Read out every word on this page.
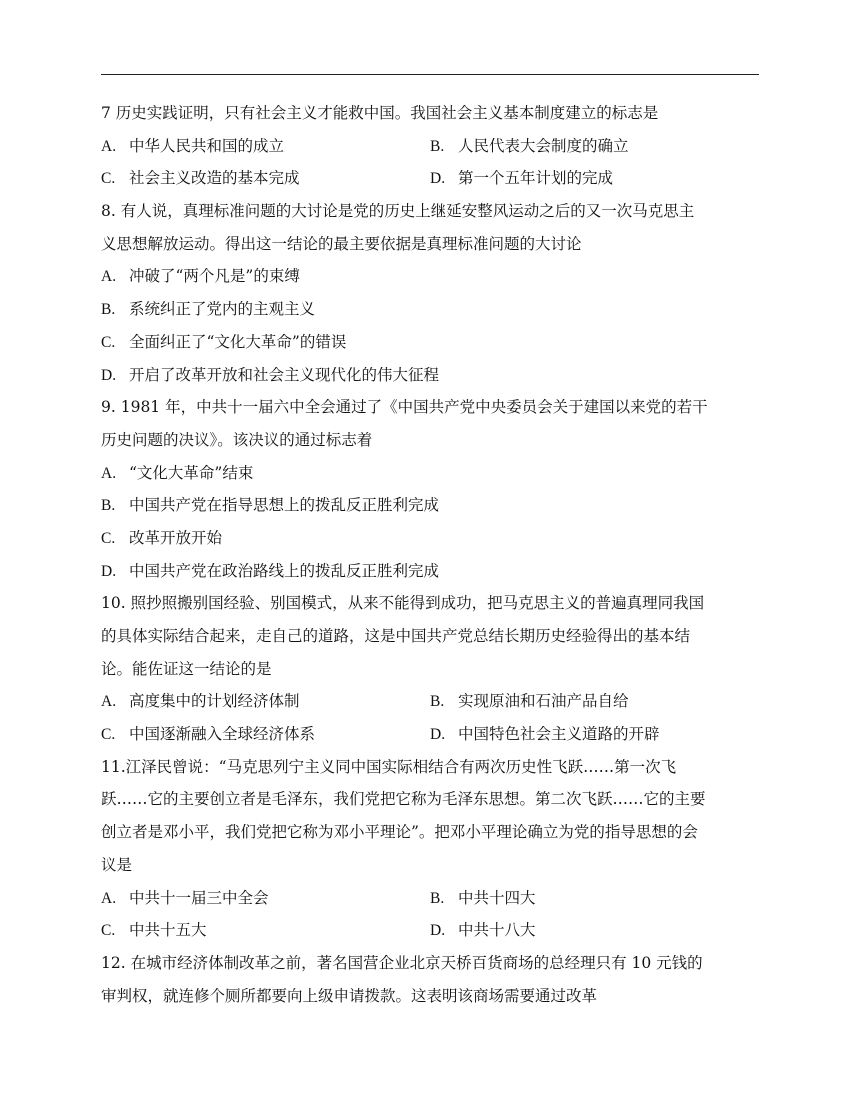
7 历史实践证明，只有社会主义才能救中国。我国社会主义基本制度建立的标志是
A. 中华人民共和国的成立	B. 人民代表大会制度的确立
C. 社会主义改造的基本完成	D. 第一个五年计划的完成
8. 有人说，真理标准问题的大讨论是党的历史上继延安整风运动之后的又一次马克思主
义思想解放运动。得出这一结论的最主要依据是真理标准问题的大讨论
A. 冲破了“两个凡是”的束缚
B. 系统纠正了党内的主观主义
C. 全面纠正了“文化大革命”的错误
D. 开启了改革开放和社会主义现代化的伟大征程
9. 1981 年，中共十一届六中全会通过了《中国共产党中央委员会关于建国以来党的若干
历史问题的决议》。该决议的通过标志着
A. “文化大革命”结束
B. 中国共产党在指导思想上的拨乱反正胜利完成
C. 改革开放开始
D. 中国共产党在政治路线上的拨乱反正胜利完成
10. 照抄照搬别国经验、别国模式，从来不能得到成功，把马克思主义的普遍真理同我国
的具体实际结合起来，走自己的道路，这是中国共产党总结长期历史经验得出的基本结
论。能佐证这一结论的是
A. 高度集中的计划经济体制	B. 实现原油和石油产品自给
C. 中国逐渐融入全球经济体系	D. 中国特色社会主义道路的开辟
11.江泽民曾说：“马克思列宁主义同中国实际相结合有两次历史性飞跃……第一次飞
跃……它的主要创立者是毛泽东，我们党把它称为毛泽东思想。第二次飞跃……它的主要
创立者是邓小平，我们党把它称为邓小平理论”。把邓小平理论确立为党的指导思想的会
议是
A. 中共十一届三中全会	B. 中共十四大
C. 中共十五大	D. 中共十八大
12. 在城市经济体制改革之前，著名国营企业北京天桥百货商场的总经理只有 10 元钱的
审判权，就连修个厕所都要向上级申请拨款。这表明该商场需要通过改革
